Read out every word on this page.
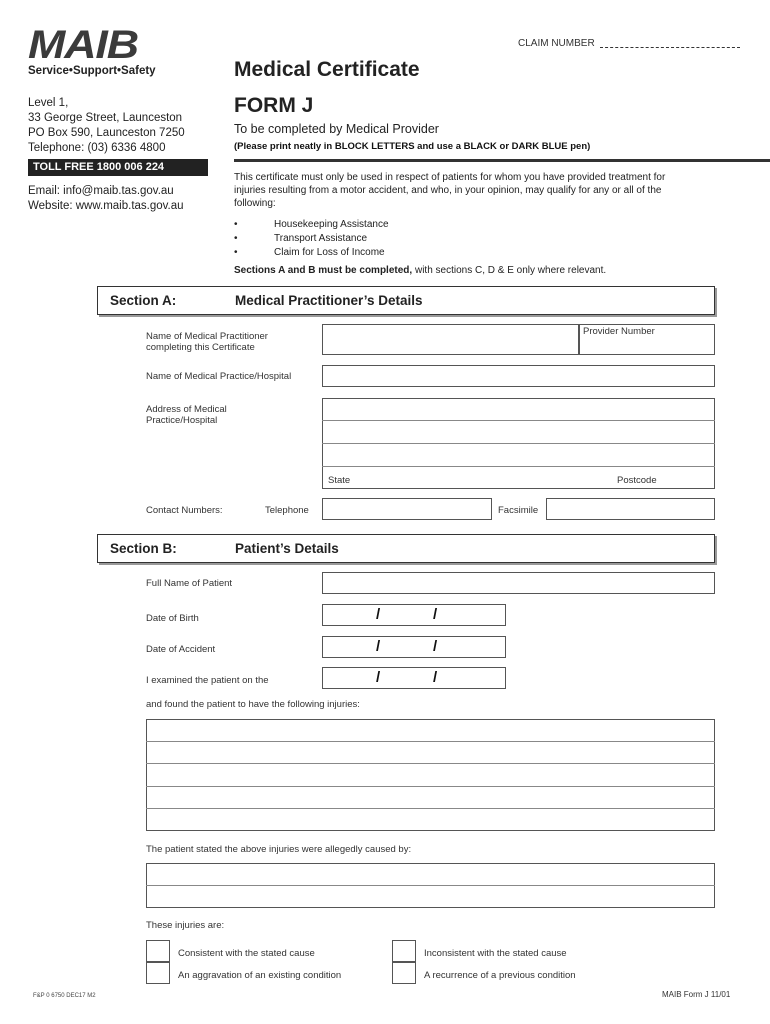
MAIB
Service•Support•Safety
CLAIM NUMBER
Medical Certificate
FORM J
To be completed by Medical Provider
(Please print neatly in BLOCK LETTERS and use a BLACK or DARK BLUE pen)
Level 1,
33 George Street, Launceston
PO Box 590, Launceston 7250
Telephone: (03) 6336 4800
TOLL FREE 1800 006 224
Email: info@maib.tas.gov.au
Website: www.maib.tas.gov.au
This certificate must only be used in respect of patients for whom you have provided treatment for injuries resulting from a motor accident, and who, in your opinion, may qualify for any or all of the following:
•	Housekeeping Assistance
•	Transport Assistance
•	Claim for Loss of Income
Sections A and B must be completed, with sections C, D & E only where relevant.
Section A:	Medical Practitioner’s Details
Name of Medical Practitioner completing this Certificate
Provider Number
Name of Medical Practice/Hospital
Address of Medical Practice/Hospital
State	Postcode
Contact Numbers:	Telephone	Facsimile
Section B:	Patient’s Details
Full Name of Patient
Date of Birth	/	/
Date of Accident	/	/
I examined the patient on the	/	/
and found the patient to have the following injuries:
The patient stated the above injuries were allegedly caused by:
These injuries are:
Consistent with the stated cause	Inconsistent with the stated cause
An aggravation of an existing condition	A recurrence of a previous condition
F&P 0 6750 DEC17 M2	MAIB Form J 11/01
